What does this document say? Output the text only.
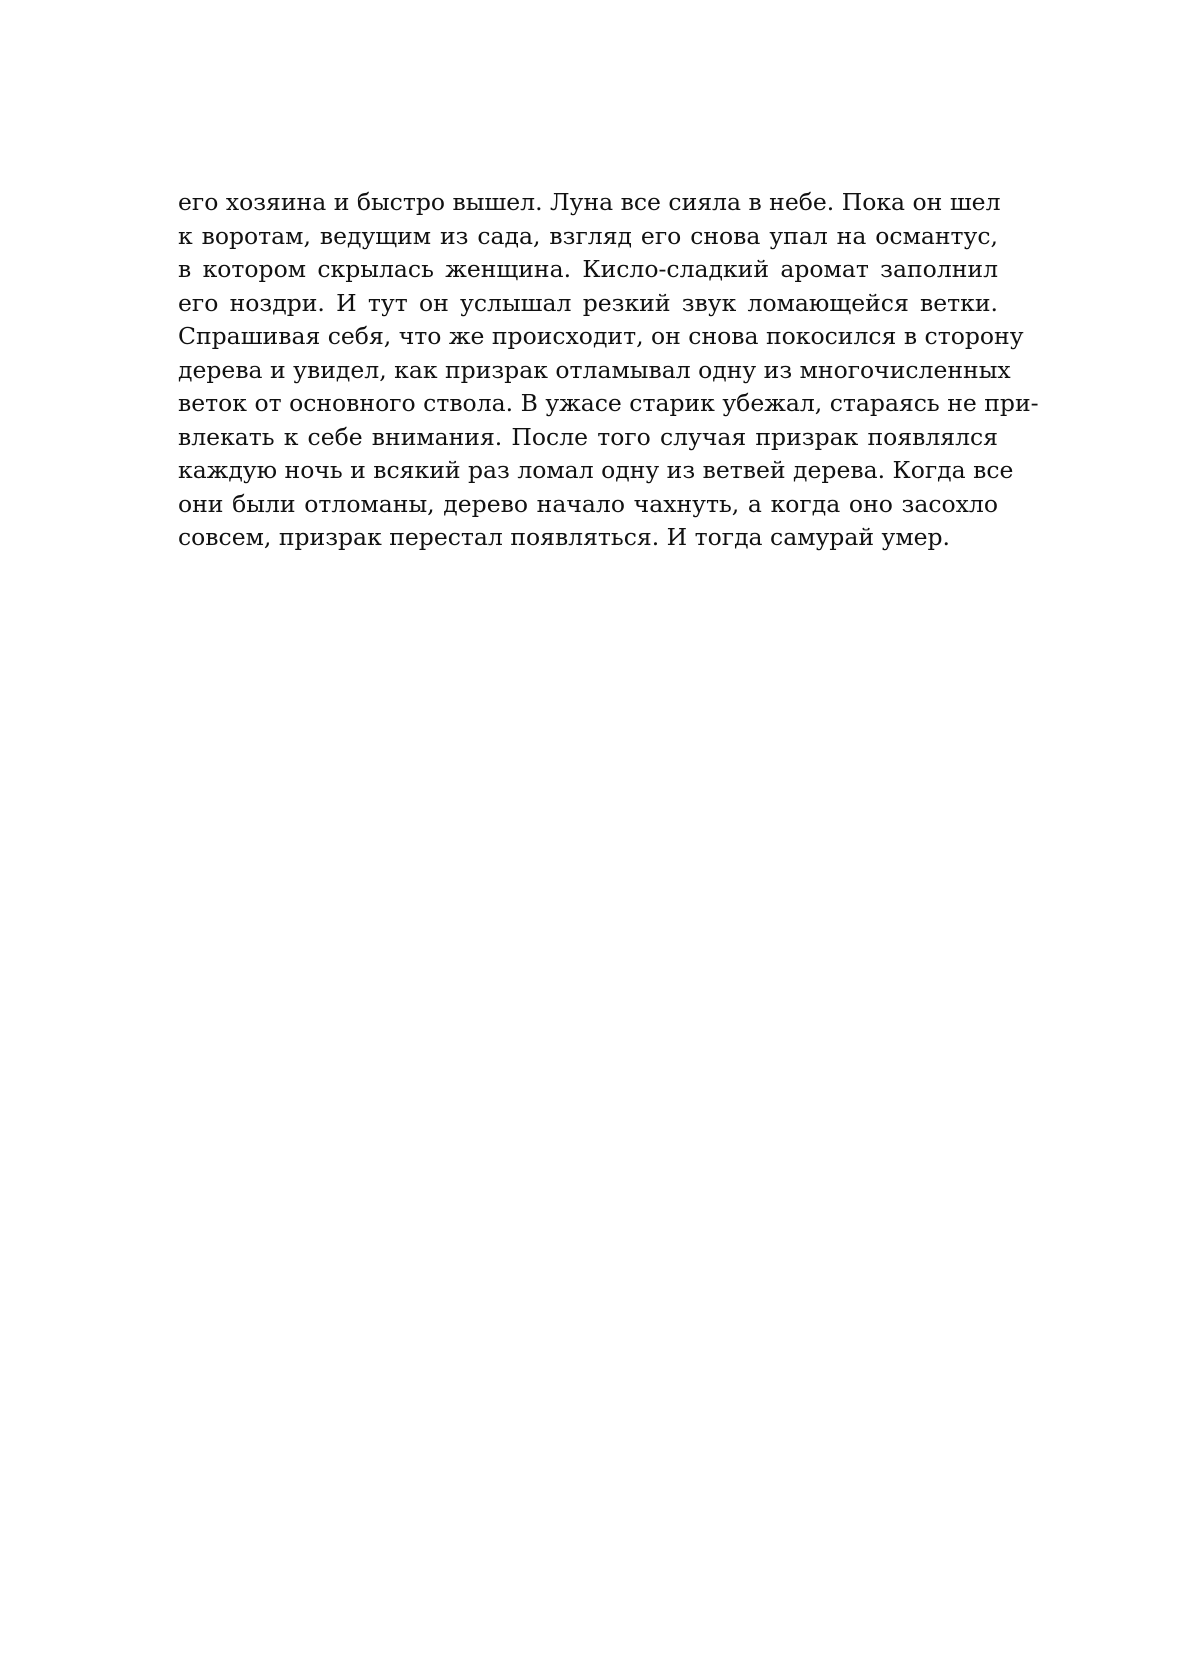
его хозяина и быстро вышел. Луна все сияла в небе. Пока он шел
к воротам, ведущим из сада, взгляд его снова упал на османтус,
в котором скрылась женщина. Кисло-сладкий аромат заполнил
его ноздри. И тут он услышал резкий звук ломающейся ветки.
Спрашивая себя, что же происходит, он снова покосился в сторону
дерева и увидел, как призрак отламывал одну из многочисленных
веток от основного ствола. В ужасе старик убежал, стараясь не при-
влекать к себе внимания. После того случая призрак появлялся
каждую ночь и всякий раз ломал одну из ветвей дерева. Когда все
они были отломаны, дерево начало чахнуть, а когда оно засохло
совсем, призрак перестал появляться. И тогда самурай умер.
